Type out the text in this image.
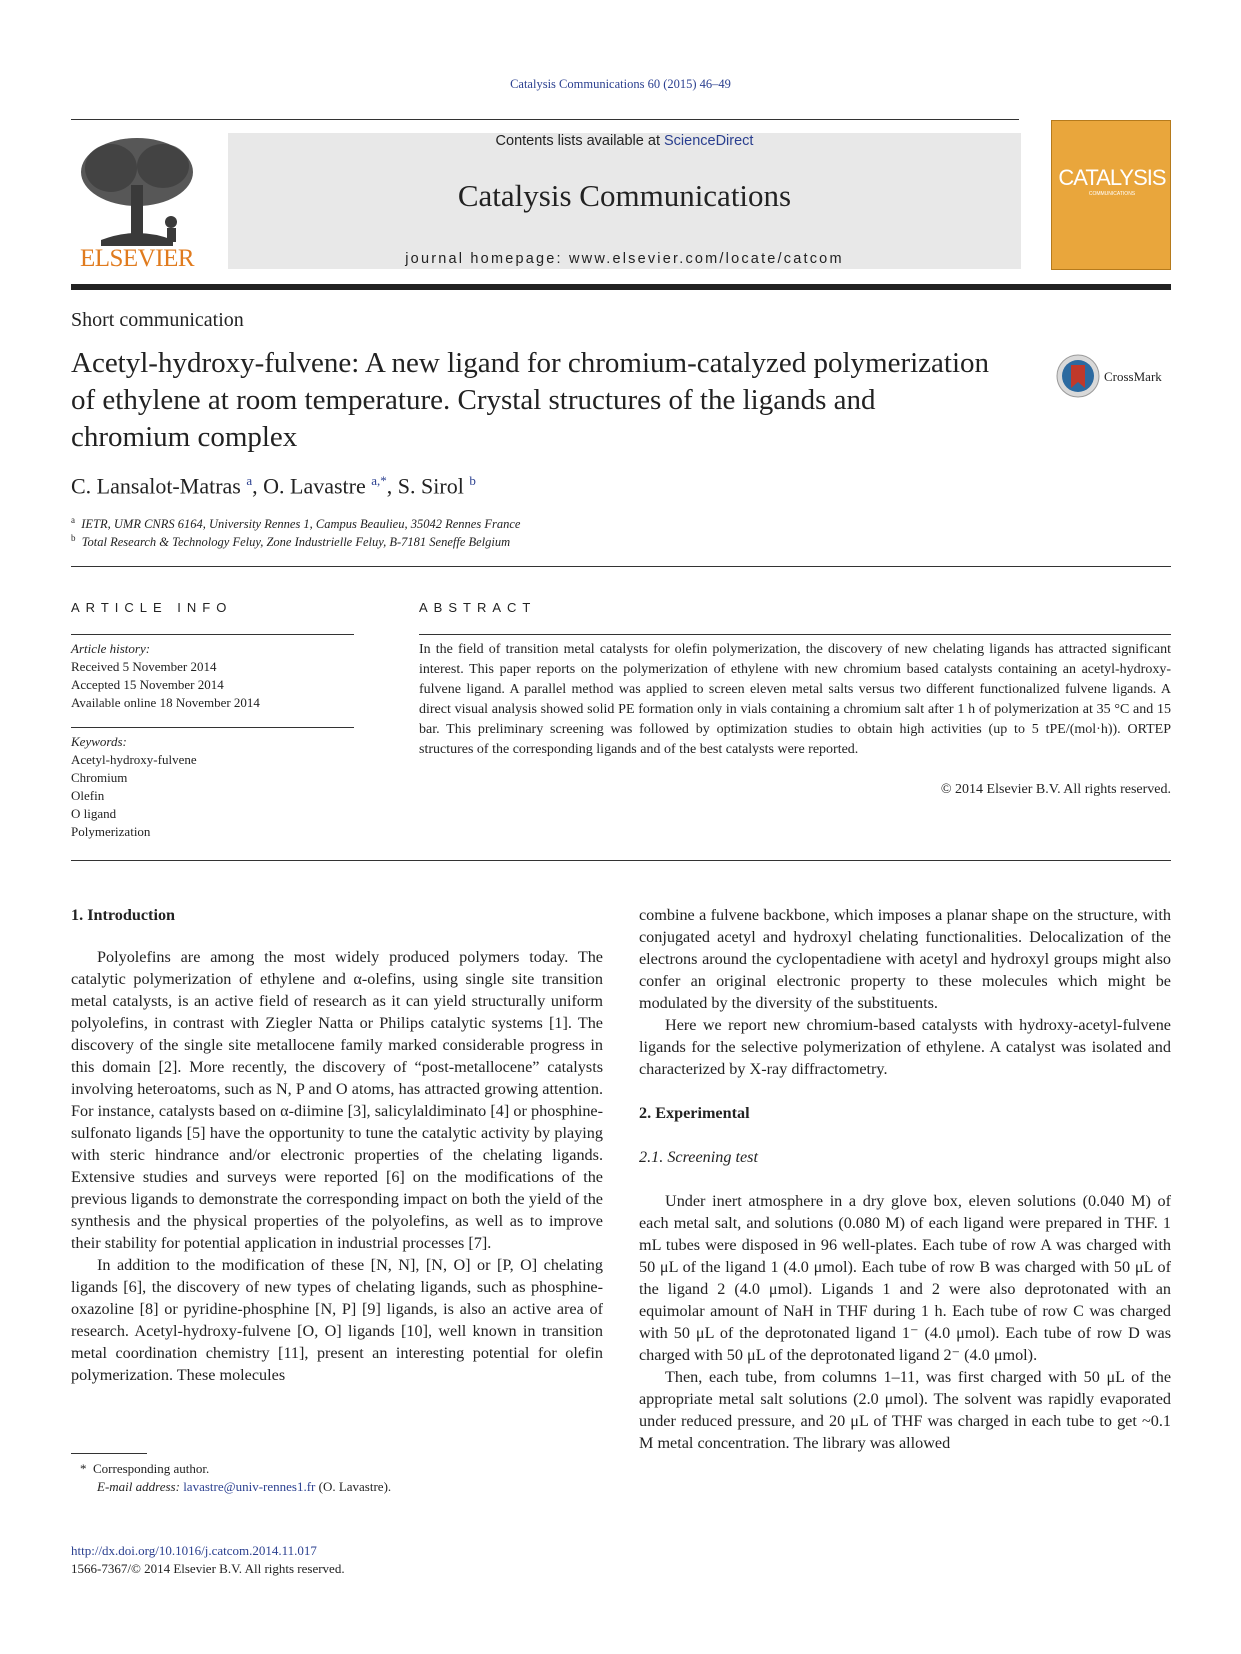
Catalysis Communications 60 (2015) 46–49
ELSEVIER
Contents lists available at ScienceDirect
Catalysis Communications
journal homepage: www.elsevier.com/locate/catcom
CATALYSIS
COMMUNICATIONS
Short communication
Acetyl-hydroxy-fulvene: A new ligand for chromium-catalyzed polymerization of ethylene at room temperature. Crystal structures of the ligands and chromium complex
CrossMark
C. Lansalot-Matras $^a$, O. Lavastre $^{a,*}$, S. Sirol $^b$
$^a$ IETR, UMR CNRS 6164, University Rennes 1, Campus Beaulieu, 35042 Rennes France
$^b$ Total Research & Technology Feluy, Zone Industrielle Feluy, B-7181 Seneffe Belgium
ARTICLE INFO
Article history:
Received 5 November 2014
Accepted 15 November 2014
Available online 18 November 2014
Keywords:
Acetyl-hydroxy-fulvene
Chromium
Olefin
O ligand
Polymerization
ABSTRACT
In the field of transition metal catalysts for olefin polymerization, the discovery of new chelating ligands has attracted significant interest. This paper reports on the polymerization of ethylene with new chromium based catalysts containing an acetyl-hydroxy-fulvene ligand. A parallel method was applied to screen eleven metal salts versus two different functionalized fulvene ligands. A direct visual analysis showed solid PE formation only in vials containing a chromium salt after 1 h of polymerization at 35 °C and 15 bar. This preliminary screening was followed by optimization studies to obtain high activities (up to 5 tPE/(mol·h)). ORTEP structures of the corresponding ligands and of the best catalysts were reported.
© 2014 Elsevier B.V. All rights reserved.
1. Introduction

Polyolefins are among the most widely produced polymers today. The catalytic polymerization of ethylene and α-olefins, using single site transition metal catalysts, is an active field of research as it can yield structurally uniform polyolefins, in contrast with Ziegler Natta or Philips catalytic systems [1]. The discovery of the single site metallocene family marked considerable progress in this domain [2]. More recently, the discovery of “post-metallocene” catalysts involving heteroatoms, such as N, P and O atoms, has attracted growing attention. For instance, catalysts based on α-diimine [3], salicylaldiminato [4] or phosphine-sulfonato ligands [5] have the opportunity to tune the catalytic activity by playing with steric hindrance and/or electronic properties of the chelating ligands. Extensive studies and surveys were reported [6] on the modifications of the previous ligands to demonstrate the corresponding impact on both the yield of the synthesis and the physical properties of the polyolefins, as well as to improve their stability for potential application in industrial processes [7].

In addition to the modification of these [N, N], [N, O] or [P, O] chelating ligands [6], the discovery of new types of chelating ligands, such as phosphine-oxazoline [8] or pyridine-phosphine [N, P] [9] ligands, is also an active area of research. Acetyl-hydroxy-fulvene [O, O] ligands [10], well known in transition metal coordination chemistry [11], present an interesting potential for olefin polymerization. These molecules

combine a fulvene backbone, which imposes a planar shape on the structure, with conjugated acetyl and hydroxyl chelating functionalities. Delocalization of the electrons around the cyclopentadiene with acetyl and hydroxyl groups might also confer an original electronic property to these molecules which might be modulated by the diversity of the substituents.

Here we report new chromium-based catalysts with hydroxy-acetyl-fulvene ligands for the selective polymerization of ethylene. A catalyst was isolated and characterized by X-ray diffractometry.

2. Experimental
2.1. Screening test

Under inert atmosphere in a dry glove box, eleven solutions (0.040 M) of each metal salt, and solutions (0.080 M) of each ligand were prepared in THF. 1 mL tubes were disposed in 96 well-plates. Each tube of row A was charged with 50 μL of the ligand 1 (4.0 μmol). Each tube of row B was charged with 50 μL of the ligand 2 (4.0 μmol). Ligands 1 and 2 were also deprotonated with an equimolar amount of NaH in THF during 1 h. Each tube of row C was charged with 50 μL of the deprotonated ligand 1⁻ (4.0 μmol). Each tube of row D was charged with 50 μL of the deprotonated ligand 2⁻ (4.0 μmol).

Then, each tube, from columns 1–11, was first charged with 50 μL of the appropriate metal salt solutions (2.0 μmol). The solvent was rapidly evaporated under reduced pressure, and 20 μL of THF was charged in each tube to get ~0.1 M metal concentration. The library was allowed

* Corresponding author.
E-mail address: lavastre@univ-rennes1.fr (O. Lavastre).
http://dx.doi.org/10.1016/j.catcom.2014.11.017
1566-7367/© 2014 Elsevier B.V. All rights reserved.
